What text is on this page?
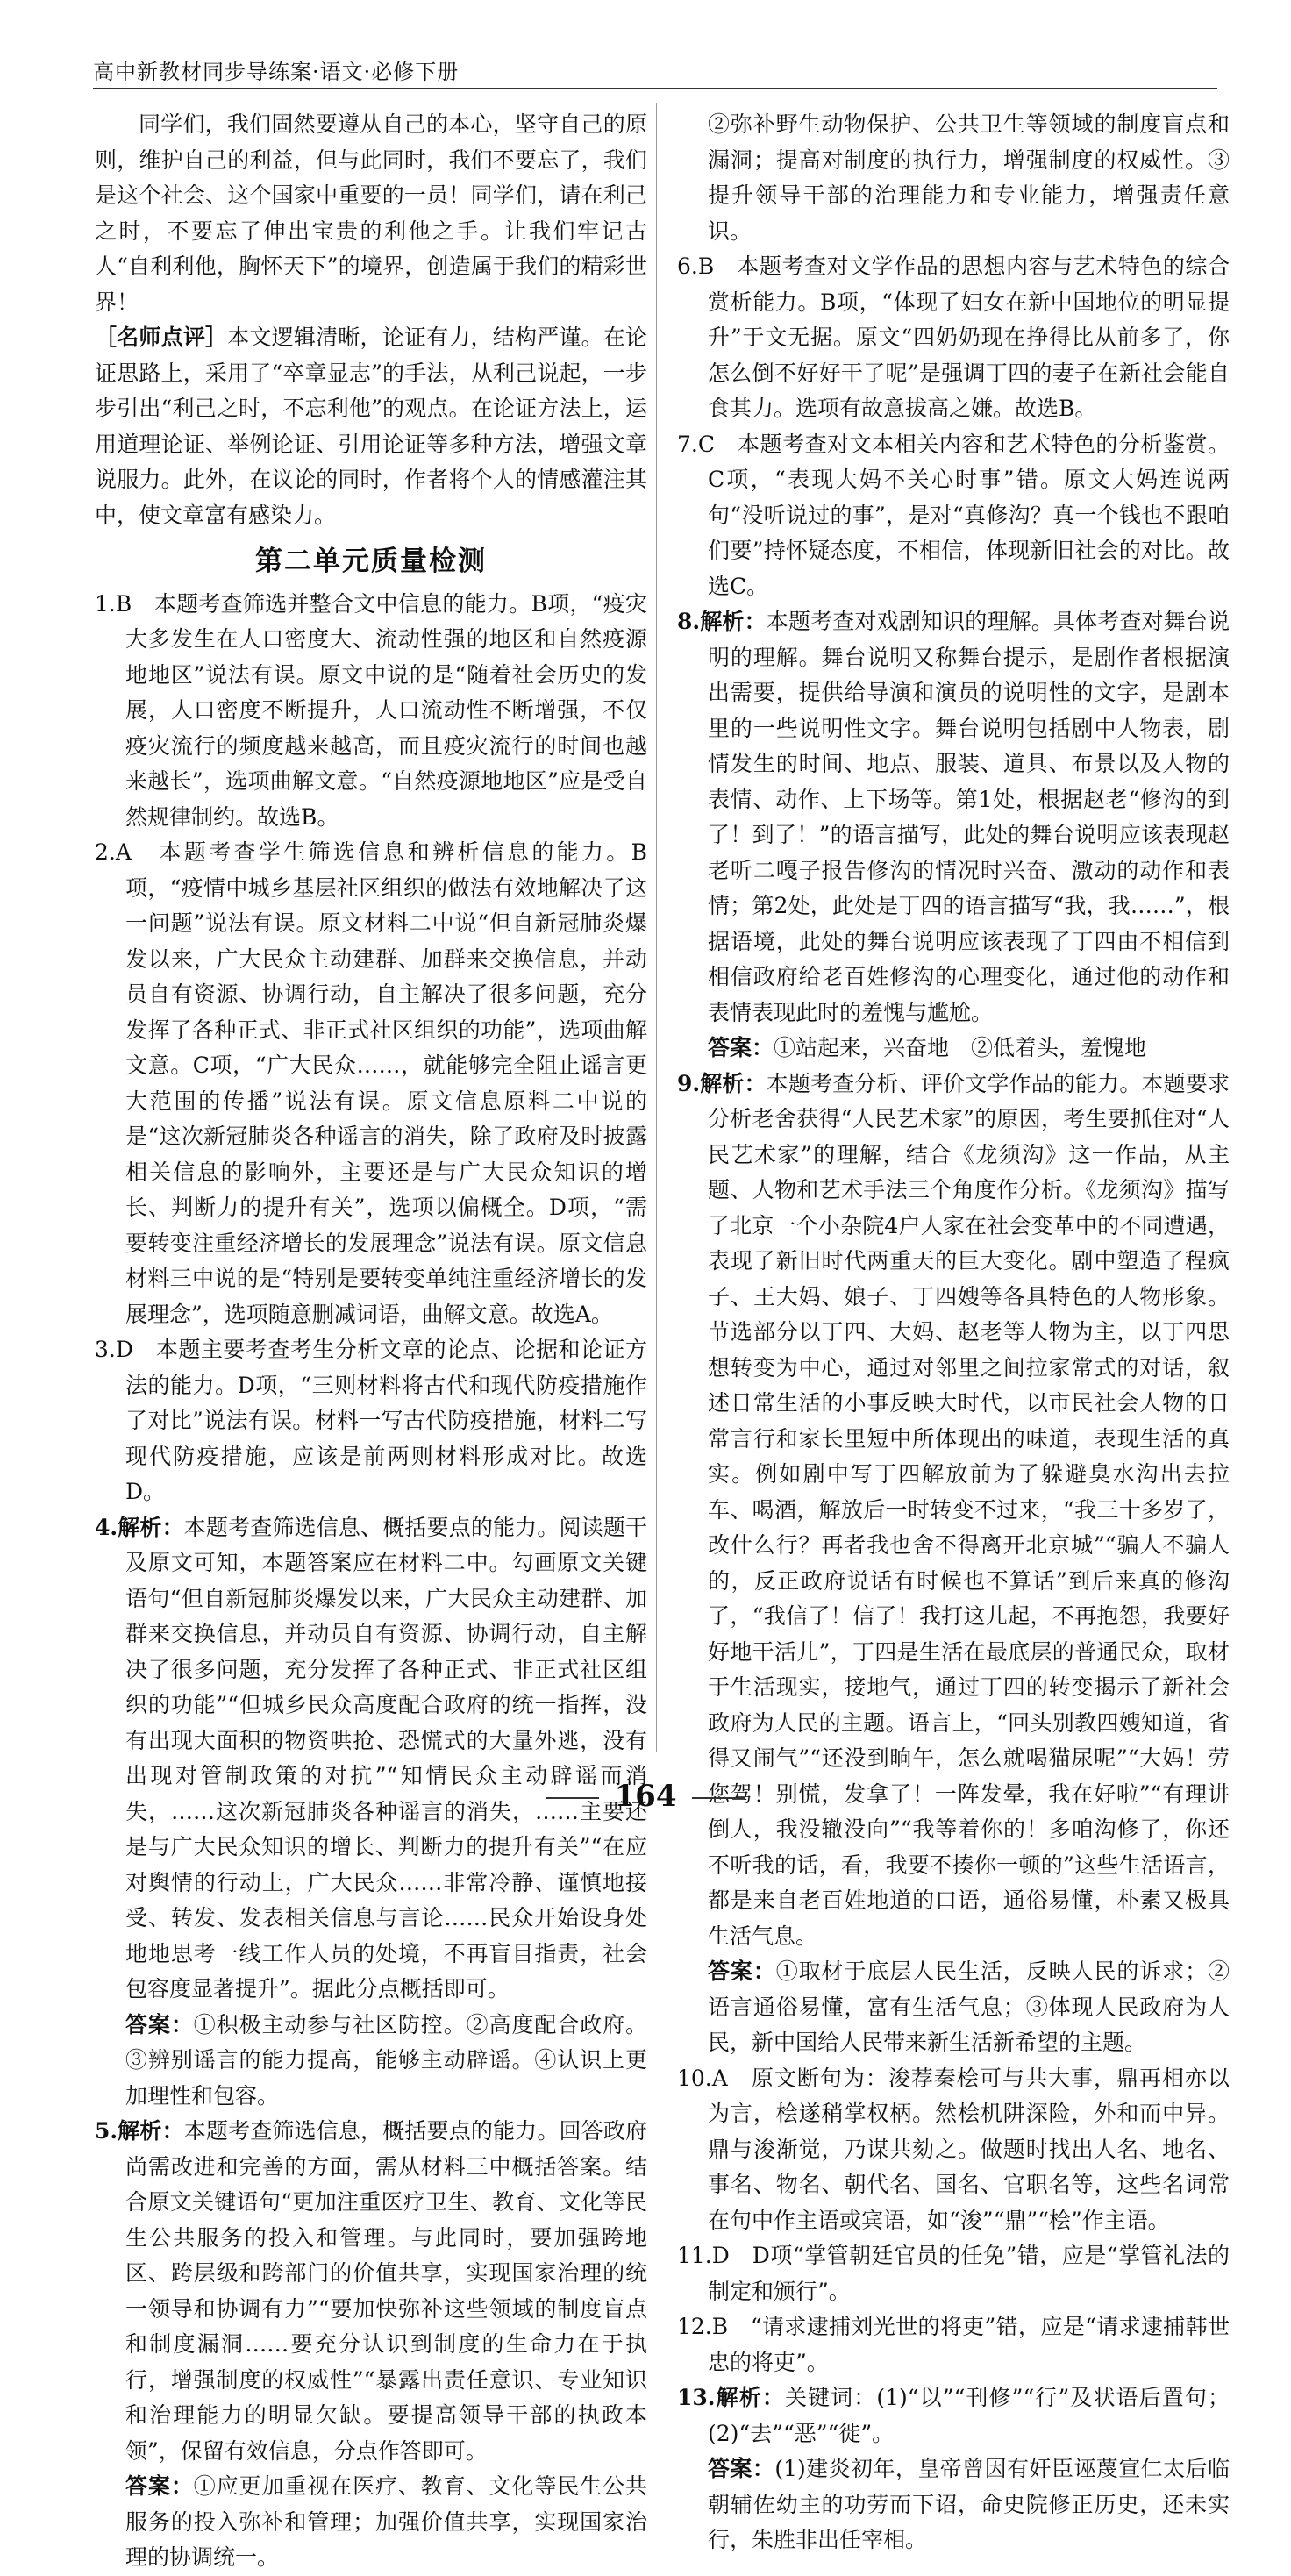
高中新教材同步导练案·语文·必修下册

同学们，我们固然要遵从自己的本心，坚守自己的原则，维护自己的利益，但与此同时，我们不要忘了，我们是这个社会、这个国家中重要的一员！同学们，请在利己之时，不要忘了伸出宝贵的利他之手。让我们牢记古人“自利利他，胸怀天下”的境界，创造属于我们的精彩世界！

［名师点评］本文逻辑清晰，论证有力，结构严谨。在论证思路上，采用了“卒章显志”的手法，从利己说起，一步步引出“利己之时，不忘利他”的观点。在论证方法上，运用道理论证、举例论证、引用论证等多种方法，增强文章说服力。此外，在议论的同时，作者将个人的情感灌注其中，使文章富有感染力。

第二单元质量检测

1.B　本题考查筛选并整合文中信息的能力。B项，“疫灾大多发生在人口密度大、流动性强的地区和自然疫源地地区”说法有误。原文中说的是“随着社会历史的发展，人口密度不断提升，人口流动性不断增强，不仅疫灾流行的频度越来越高，而且疫灾流行的时间也越来越长”，选项曲解文意。“自然疫源地地区”应是受自然规律制约。故选B。

2.A　本题考查学生筛选信息和辨析信息的能力。B项，“疫情中城乡基层社区组织的做法有效地解决了这一问题”说法有误。原文材料二中说“但自新冠肺炎爆发以来，广大民众主动建群、加群来交换信息，并动员自有资源、协调行动，自主解决了很多问题，充分发挥了各种正式、非正式社区组织的功能”，选项曲解文意。C项，“广大民众……，就能够完全阻止谣言更大范围的传播”说法有误。原文信息原料二中说的是“这次新冠肺炎各种谣言的消失，除了政府及时披露相关信息的影响外，主要还是与广大民众知识的增长、判断力的提升有关”，选项以偏概全。D项，“需要转变注重经济增长的发展理念”说法有误。原文信息材料三中说的是“特别是要转变单纯注重经济增长的发展理念”，选项随意删减词语，曲解文意。故选A。

3.D　本题主要考查考生分析文章的论点、论据和论证方法的能力。D项，“三则材料将古代和现代防疫措施作了对比”说法有误。材料一写古代防疫措施，材料二写现代防疫措施，应该是前两则材料形成对比。故选D。

4.解析：本题考查筛选信息、概括要点的能力。阅读题干及原文可知，本题答案应在材料二中。勾画原文关键语句“但自新冠肺炎爆发以来，广大民众主动建群、加群来交换信息，并动员自有资源、协调行动，自主解决了很多问题，充分发挥了各种正式、非正式社区组织的功能”“但城乡民众高度配合政府的统一指挥，没有出现大面积的物资哄抢、恐慌式的大量外逃，没有出现对管制政策的对抗”“知情民众主动辟谣而消失，……这次新冠肺炎各种谣言的消失，……主要还是与广大民众知识的增长、判断力的提升有关”“在应对舆情的行动上，广大民众……非常冷静、谨慎地接受、转发、发表相关信息与言论……民众开始设身处地地思考一线工作人员的处境，不再盲目指责，社会包容度显著提升”。据此分点概括即可。

答案：①积极主动参与社区防控。②高度配合政府。③辨别谣言的能力提高，能够主动辟谣。④认识上更加理性和包容。

5.解析：本题考查筛选信息，概括要点的能力。回答政府尚需改进和完善的方面，需从材料三中概括答案。结合原文关键语句“更加注重医疗卫生、教育、文化等民生公共服务的投入和管理。与此同时，要加强跨地区、跨层级和跨部门的价值共享，实现国家治理的统一领导和协调有力”“要加快弥补这些领域的制度盲点和制度漏洞……要充分认识到制度的生命力在于执行，增强制度的权威性”“暴露出责任意识、专业知识和治理能力的明显欠缺。要提高领导干部的执政本领”，保留有效信息，分点作答即可。

答案：①应更加重视在医疗、教育、文化等民生公共服务的投入弥补和管理；加强价值共享，实现国家治理的协调统一。

②弥补野生动物保护、公共卫生等领域的制度盲点和漏洞；提高对制度的执行力，增强制度的权威性。③提升领导干部的治理能力和专业能力，增强责任意识。

6.B　本题考查对文学作品的思想内容与艺术特色的综合赏析能力。B项，“体现了妇女在新中国地位的明显提升”于文无据。原文“四奶奶现在挣得比从前多了，你怎么倒不好好干了呢”是强调丁四的妻子在新社会能自食其力。选项有故意拔高之嫌。故选B。

7.C　本题考查对文本相关内容和艺术特色的分析鉴赏。C项，“表现大妈不关心时事”错。原文大妈连说两句“没听说过的事”，是对“真修沟？真一个钱也不跟咱们要”持怀疑态度，不相信，体现新旧社会的对比。故选C。

8.解析：本题考查对戏剧知识的理解。具体考查对舞台说明的理解。舞台说明又称舞台提示，是剧作者根据演出需要，提供给导演和演员的说明性的文字，是剧本里的一些说明性文字。舞台说明包括剧中人物表，剧情发生的时间、地点、服装、道具、布景以及人物的表情、动作、上下场等。第1处，根据赵老“修沟的到了！到了！”的语言描写，此处的舞台说明应该表现赵老听二嘎子报告修沟的情况时兴奋、激动的动作和表情；第2处，此处是丁四的语言描写“我，我……”，根据语境，此处的舞台说明应该表现了丁四由不相信到相信政府给老百姓修沟的心理变化，通过他的动作和表情表现此时的羞愧与尴尬。

答案：①站起来，兴奋地　②低着头，羞愧地

9.解析：本题考查分析、评价文学作品的能力。本题要求分析老舍获得“人民艺术家”的原因，考生要抓住对“人民艺术家”的理解，结合《龙须沟》这一作品，从主题、人物和艺术手法三个角度作分析。《龙须沟》描写了北京一个小杂院4户人家在社会变革中的不同遭遇，表现了新旧时代两重天的巨大变化。剧中塑造了程疯子、王大妈、娘子、丁四嫂等各具特色的人物形象。节选部分以丁四、大妈、赵老等人物为主，以丁四思想转变为中心，通过对邻里之间拉家常式的对话，叙述日常生活的小事反映大时代，以市民社会人物的日常言行和家长里短中所体现出的味道，表现生活的真实。例如剧中写丁四解放前为了躲避臭水沟出去拉车、喝酒，解放后一时转变不过来，“我三十多岁了，改什么行？再者我也舍不得离开北京城”“骗人不骗人的，反正政府说话有时候也不算话”到后来真的修沟了，“我信了！信了！我打这儿起，不再抱怨，我要好好地干活儿”，丁四是生活在最底层的普通民众，取材于生活现实，接地气，通过丁四的转变揭示了新社会政府为人民的主题。语言上，“回头别教四嫂知道，省得又闹气”“还没到晌午，怎么就喝猫尿呢”“大妈！劳您驾！别慌，发拿了！一阵发晕，我在好啦”“有理讲倒人，我没辙没向”“我等着你的！多咱沟修了，你还不听我的话，看，我要不揍你一顿的”这些生活语言，都是来自老百姓地道的口语，通俗易懂，朴素又极具生活气息。

答案：①取材于底层人民生活，反映人民的诉求；②语言通俗易懂，富有生活气息；③体现人民政府为人民，新中国给人民带来新生活新希望的主题。

10.A　原文断句为：浚荐秦桧可与共大事，鼎再相亦以为言，桧遂稍掌权柄。然桧机阱深险，外和而中异。鼎与浚渐觉，乃谋共劾之。做题时找出人名、地名、事名、物名、朝代名、国名、官职名等，这些名词常在句中作主语或宾语，如“浚”“鼎”“桧”作主语。

11.D　D项“掌管朝廷官员的任免”错，应是“掌管礼法的制定和颁行”。

12.B　“请求逮捕刘光世的将吏”错，应是“请求逮捕韩世忠的将吏”。

13.解析：关键词：(1)“以”“刊修”“行”及状语后置句；(2)“去”“恶”“徙”。

答案：(1)建炎初年，皇帝曾因有奸臣诬蔑宣仁太后临朝辅佐幼主的功劳而下诏，命史院修正历史，还未实行，朱胜非出任宰相。

164
